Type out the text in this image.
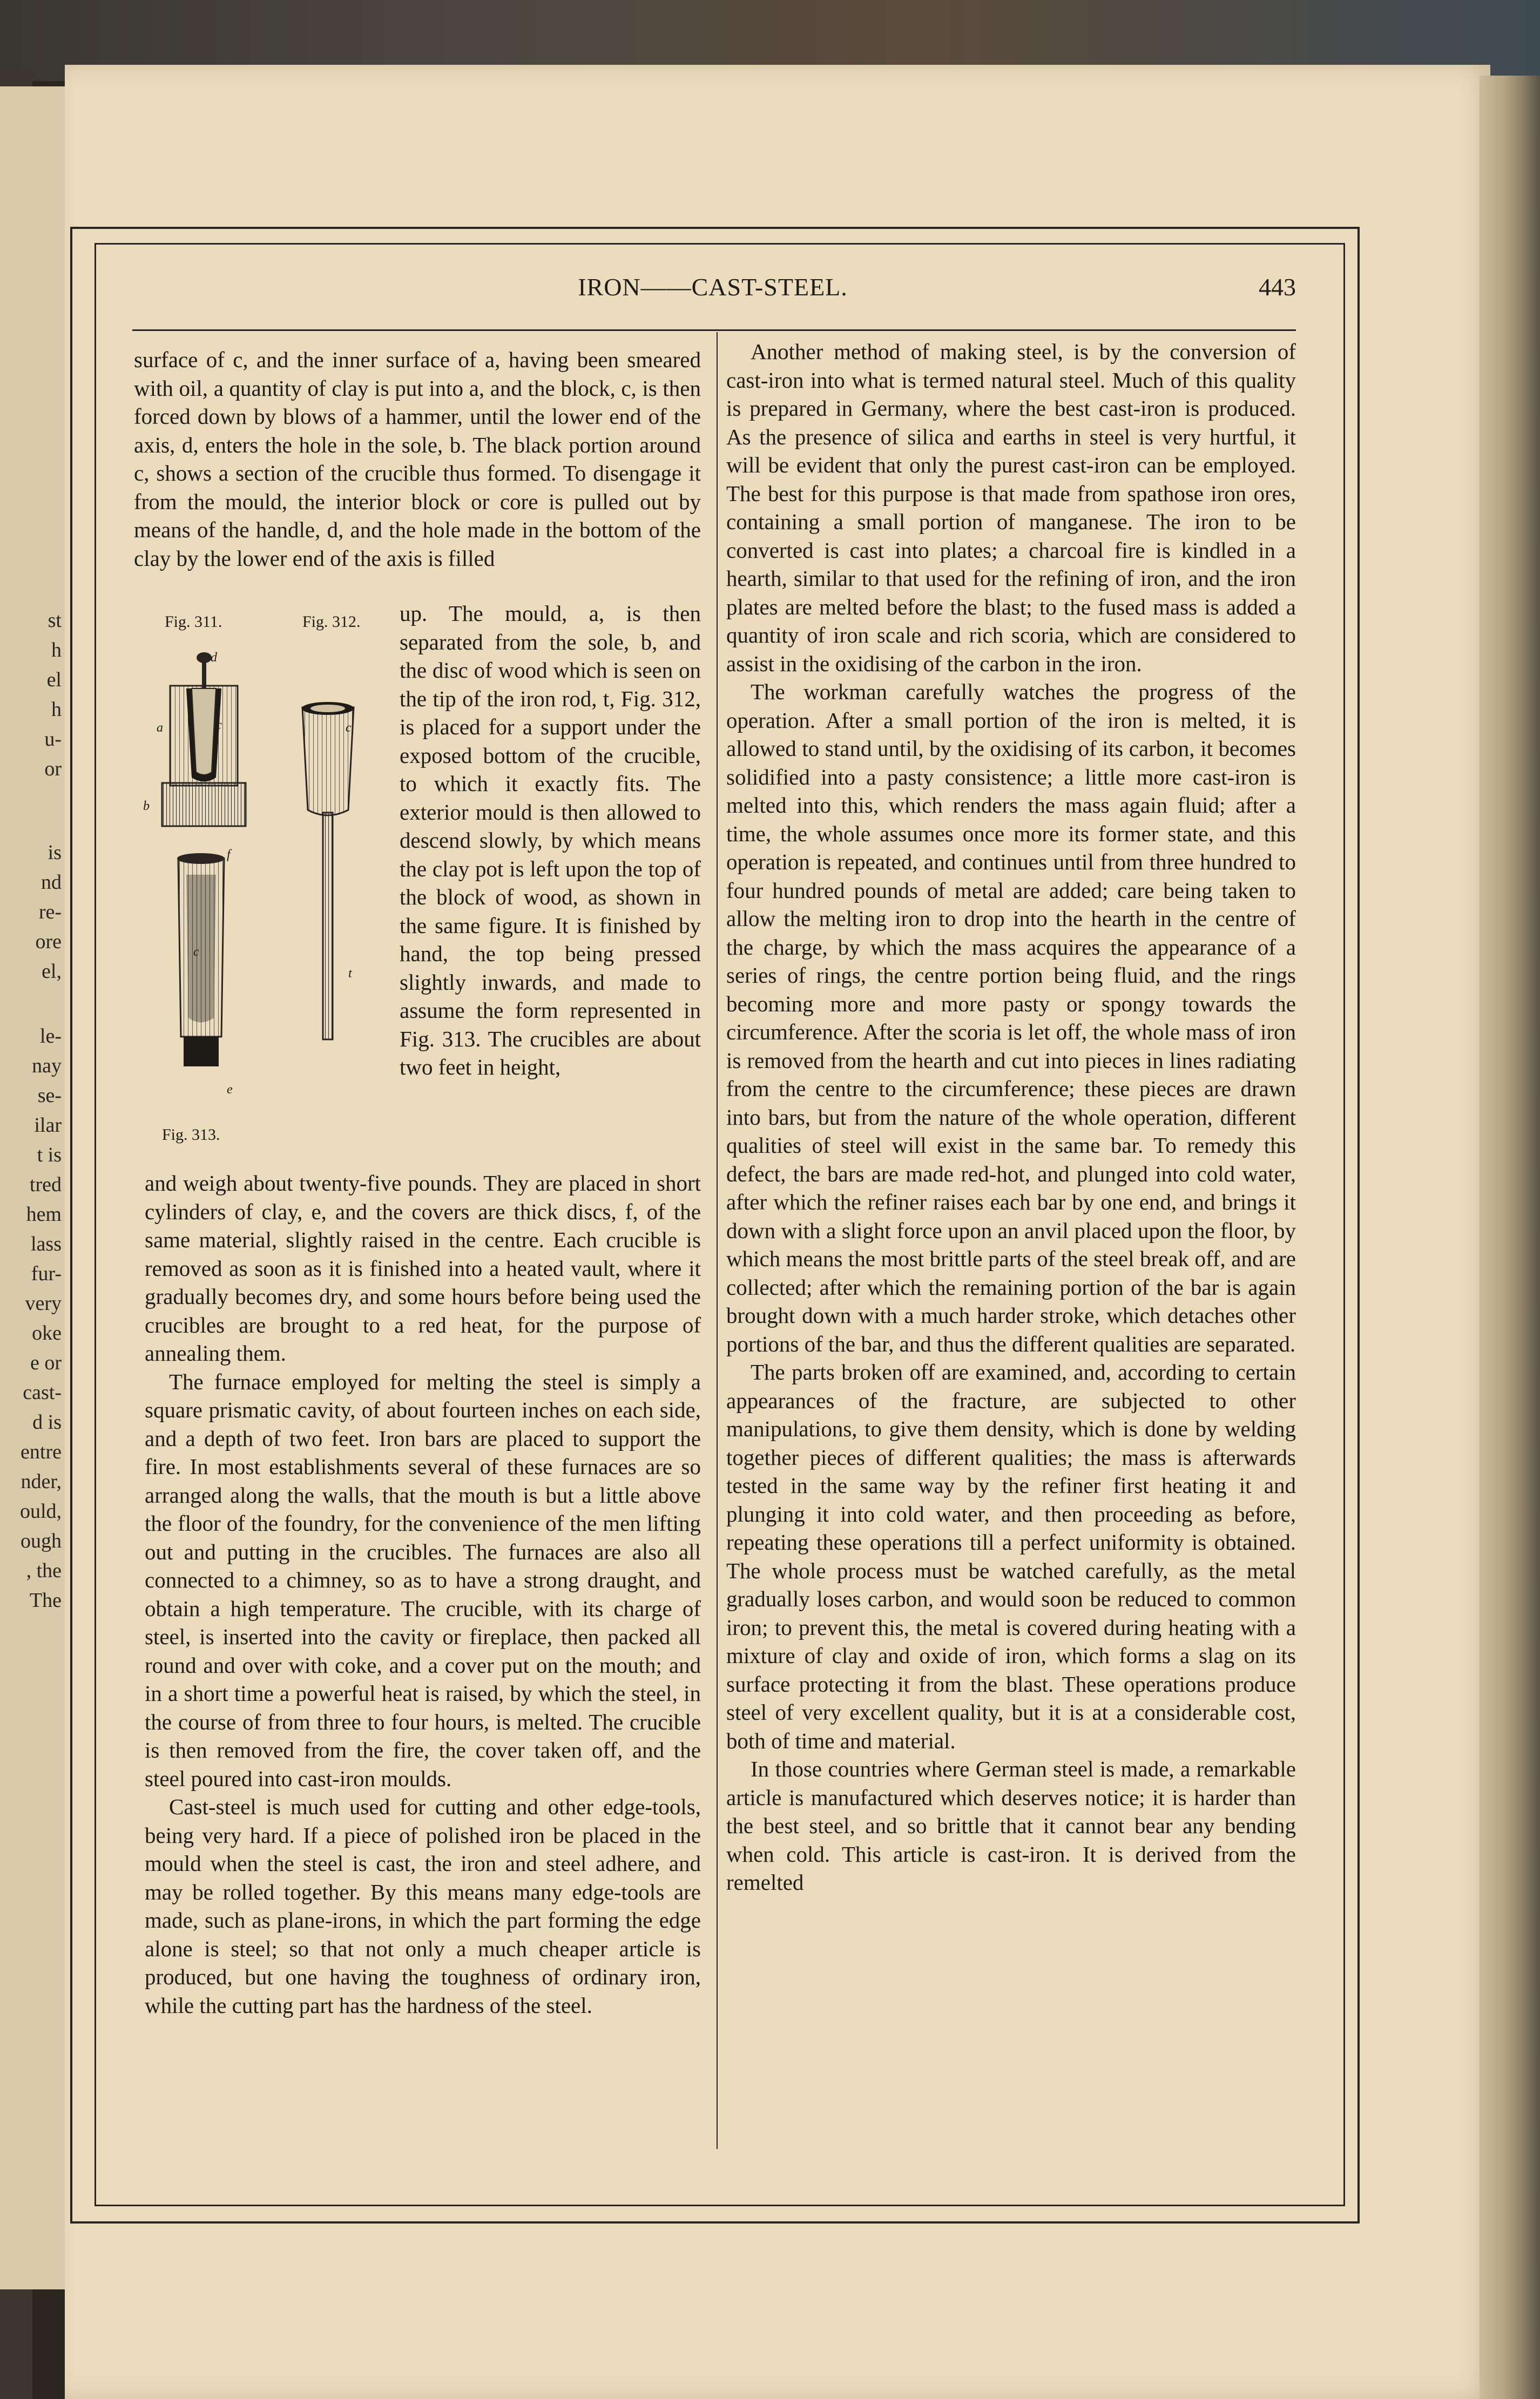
st
h
el
h
u-
or
is
nd
re-
ore
el,
le-
nay
se-
ilar
t is
tred
hem
lass
fur-
very
oke
e or
cast-
d is
entre
nder,
ould,
ough
, the
The
IRON——CAST-STEEL.	443

surface of c, and the inner surface of a, having been smeared with oil, a quantity of clay is put into a, and the block, c, is then forced down by blows of a hammer, until the lower end of the axis, d, enters the hole in the sole, b. The black portion around c, shows a section of the crucible thus formed. To disengage it from the mould, the interior block or core is pulled out by means of the handle, d, and the hole made in the bottom of the clay by the lower end of the axis is filled

Fig. 311.	Fig. 312.
Fig. 313.
d
a	c
b
c
f
c
t
e

up. The mould, a, is then separated from the sole, b, and the disc of wood which is seen on the tip of the iron rod, t, Fig. 312, is placed for a support under the exposed bottom of the crucible, to which it exactly fits. The exterior mould is then allowed to descend slowly, by which means the clay pot is left upon the top of the block of wood, as shown in the same figure. It is finished by hand, the top being pressed slightly inwards, and made to assume the form represented in Fig. 313. The crucibles are about two feet in height,

and weigh about twenty-five pounds. They are placed in short cylinders of clay, e, and the covers are thick discs, f, of the same material, slightly raised in the centre. Each crucible is removed as soon as it is finished into a heated vault, where it gradually becomes dry, and some hours before being used the crucibles are brought to a red heat, for the purpose of annealing them.

The furnace employed for melting the steel is simply a square prismatic cavity, of about fourteen inches on each side, and a depth of two feet. Iron bars are placed to support the fire. In most establishments several of these furnaces are so arranged along the walls, that the mouth is but a little above the floor of the foundry, for the convenience of the men lifting out and putting in the crucibles. The furnaces are also all connected to a chimney, so as to have a strong draught, and obtain a high temperature. The crucible, with its charge of steel, is inserted into the cavity or fireplace, then packed all round and over with coke, and a cover put on the mouth; and in a short time a powerful heat is raised, by which the steel, in the course of from three to four hours, is melted. The crucible is then removed from the fire, the cover taken off, and the steel poured into cast-iron moulds.

Cast-steel is much used for cutting and other edge-tools, being very hard. If a piece of polished iron be placed in the mould when the steel is cast, the iron and steel adhere, and may be rolled together. By this means many edge-tools are made, such as plane-irons, in which the part forming the edge alone is steel; so that not only a much cheaper article is produced, but one having the toughness of ordinary iron, while the cutting part has the hardness of the steel.

Another method of making steel, is by the conversion of cast-iron into what is termed natural steel. Much of this quality is prepared in Germany, where the best cast-iron is produced. As the presence of silica and earths in steel is very hurtful, it will be evident that only the purest cast-iron can be employed. The best for this purpose is that made from spathose iron ores, containing a small portion of manganese. The iron to be converted is cast into plates; a charcoal fire is kindled in a hearth, similar to that used for the refining of iron, and the iron plates are melted before the blast; to the fused mass is added a quantity of iron scale and rich scoria, which are considered to assist in the oxidising of the carbon in the iron.

The workman carefully watches the progress of the operation. After a small portion of the iron is melted, it is allowed to stand until, by the oxidising of its carbon, it becomes solidified into a pasty consistence; a little more cast-iron is melted into this, which renders the mass again fluid; after a time, the whole assumes once more its former state, and this operation is repeated, and continues until from three hundred to four hundred pounds of metal are added; care being taken to allow the melting iron to drop into the hearth in the centre of the charge, by which the mass acquires the appearance of a series of rings, the centre portion being fluid, and the rings becoming more and more pasty or spongy towards the circumference. After the scoria is let off, the whole mass of iron is removed from the hearth and cut into pieces in lines radiating from the centre to the circumference; these pieces are drawn into bars, but from the nature of the whole operation, different qualities of steel will exist in the same bar. To remedy this defect, the bars are made red-hot, and plunged into cold water, after which the refiner raises each bar by one end, and brings it down with a slight force upon an anvil placed upon the floor, by which means the most brittle parts of the steel break off, and are collected; after which the remaining portion of the bar is again brought down with a much harder stroke, which detaches other portions of the bar, and thus the different qualities are separated.

The parts broken off are examined, and, according to certain appearances of the fracture, are subjected to other manipulations, to give them density, which is done by welding together pieces of different qualities; the mass is afterwards tested in the same way by the refiner first heating it and plunging it into cold water, and then proceeding as before, repeating these operations till a perfect uniformity is obtained. The whole process must be watched carefully, as the metal gradually loses carbon, and would soon be reduced to common iron; to prevent this, the metal is covered during heating with a mixture of clay and oxide of iron, which forms a slag on its surface protecting it from the blast. These operations produce steel of very excellent quality, but it is at a considerable cost, both of time and material.

In those countries where German steel is made, a remarkable article is manufactured which deserves notice; it is harder than the best steel, and so brittle that it cannot bear any bending when cold. This article is cast-iron. It is derived from the remelted
